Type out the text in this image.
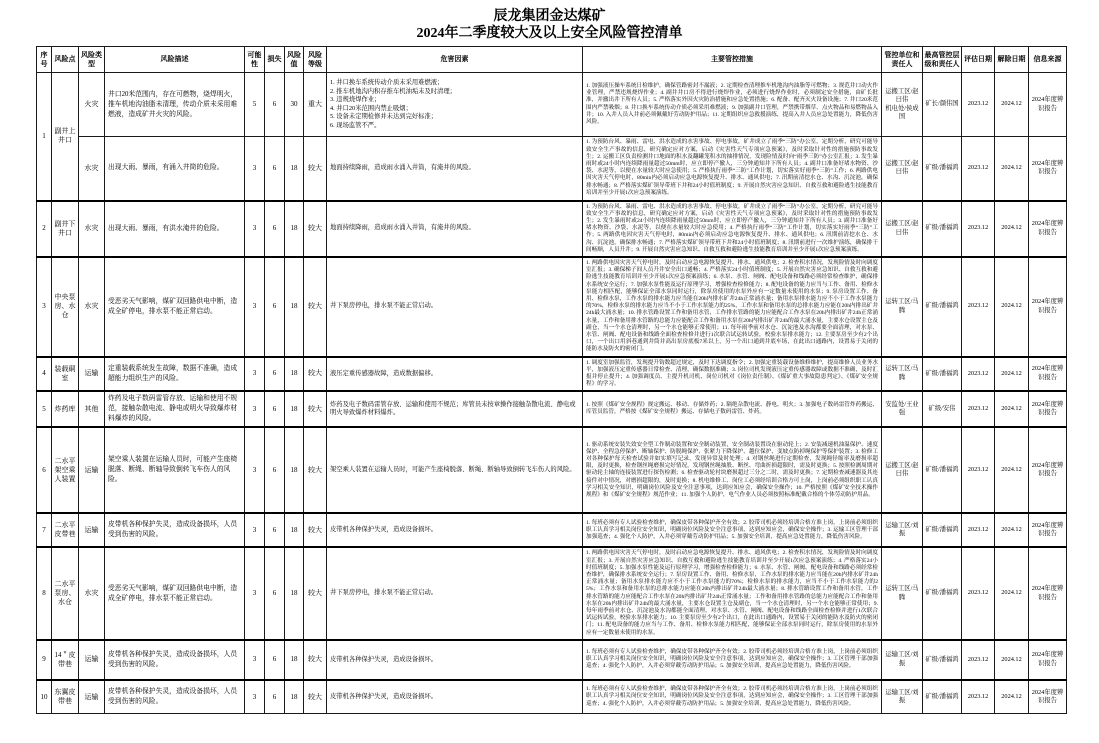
辰龙集团金达煤矿
2024年二季度较大及以上安全风险管控清单
序号	风险点	风险类型	风险描述	可能性	损失	风险值	风险等级	危害因素	主要管控措施	管控单位和责任人	最高管控层级和责任人	评估日期	解除日期	信息来源
1	副井上井口	火灾	井口20米范围内，存在可燃物，烧焊明火，推车机地沟油脂未清理，传动介质未采用难燃液，造成矿井火灾的风险。	5	6	30	重大	1. 井口换车系统传动介质未采用难燃液；
2. 推车机地沟内积存推车机油垢未及时清理；
3. 违规烧焊作业；
4. 井口20米范围内禁止吸烟；
5. 设备未定期检修并未达到完好标准；
6. 现场监管不严。	1. 加强液压操车系统日检维护，确保管路密封不漏液；2. 定期检查清理推车机地沟内油脂等可燃物；3. 规范井口动火作业管理，严禁违规烧焊作业；4. 副井井口房不得进行烧焊作业，必须进行烧焊作业时，必须制定安全措施，由矿长批准，并撤出井下所有人员；5. 严格落实外因火灾防治措施和应急处置措施；6. 配备、配齐灭火设备设施；7. 井口20米范围内严禁吸烟；8. 井口换车系统传动介质必须采用难燃液；9. 加强副井口管理，严禁携带烟草、点火物品和易燃物品入井；10. 入井人员入井前必须佩戴好劳动防护用品；11. 定期组织应急救援演练，提高入井人员应急处置能力，降低伤害风险。	运搬工区/赵曰伟
机电处/侯成国	矿长/颜伟国	2023.12	2024.12	2024年度辨识报告
		水灾	出现大雨、暴雨，有涌入井筒的危险。	3	6	18	较大	地面持续降雨，造成雨水涌入井筒，有淹井的风险。	1. 为预防台风、暴雨、雷电、洪水造成的水害事故、停电事故，矿井成立了雨季“三防”办公室，定期分析，研究可能导致安全生产事故的信息，研究确定应对方案，启动《灾害性天气专项应急预案》，及时采取针对性的措施预防事故发生；2. 运搬工区负责检测井口地面的积水及翻罐笼积水的抽排情况，发现险情及时向“雨季三防”办公室汇报；3. 发生暴雨时或24小时内连续降雨量超过50mm时，应立即停产撤人，三分钟通知井下所有人员；4. 副井口准备好堵水物资、沙袋、水泥等，以便在水量较大时应急使用；5. 严格执行雨季“三防”工作计划，切实落实好雨季“三防”工作；6. 两路供电因灾害天气停电时，80min内必须启动应急电源恢复提升、排水、通风供电；7. 汛期前清挖水仓、水沟、沉淀池，确保排水畅通；8. 严格落实煤矿领导带班下井和24小时值班制度；9. 开展自然灾害应急知识、自救互救和避险逃生技能教育培训并至少开展1次应急预案演练。	运搬工区/赵曰伟	矿级/潘福鸿	2023.12	2024.12	2024年度辨识报告
2	副井下井口	水灾	出现大雨、暴雨，有洪水淹井的危险。	3	6	18	较大	地面持续降雨，造成雨水涌入井筒，有淹井的风险。	1. 为预防台风、暴雨、雷电、洪水造成的水害事故、停电事故，矿井成立了雨季“三防”办公室，定期分析，研究可能导致安全生产事故的信息，研究确定应对方案，启动《灾害性天气专项应急预案》，及时采取针对性的措施预防事故发生；2. 发生暴雨时或24小时内连续降雨量超过50mm时，应立即停产撤人，三分钟通知井下所有人员；3. 副井口准备好堵水物资、沙袋、水泥等，以便在水量较大时应急使用；4. 严格执行雨季“三防”工作计划，切实落实好雨季“三防”工作；5. 两路供电因灾害天气停电时，80min内必须启动应急电源恢复提升、排水、通风供电；6. 汛期前清挖水仓、水沟、沉淀池，确保排水畅通；7. 严格落实煤矿领导带班下井和24小时值班制度；8. 汛期前进行一次维护演练，确保排干间畅顺，人员升井；9. 开展自然灾害应急知识、自救互救和避险逃生技能教育培训并至少开展1次应急预案演练。	运搬工区/赵曰伟	矿级/潘福鸿	2023.12	2024.12	2024年度辨识报告
3	中央泵房、水仓	水灾	受恶劣天气影响，煤矿双回路供电中断，造成全矿停电，排水泵不能正常启动。	3	6	18	较大	井下泵房停电，排水泵不能正常启动。	1. 两路供电因灾害天气停电时，及时启动应急电源恢复提升、排水、通风供电；2. 检查积水情况，发现险情及时向调度室汇报；3. 确保梯子间人员升井安全出口通畅；4. 严格落实24小时值班制度；5. 开展自然灾害应急知识、自救互救和避险逃生技能教育培训并至少开展1次应急预案演练；6. 水泵、水管、闸阀、配电设备和线路必须经常检查维护，确保排水系统安全运行；7. 加强水泵性能及运行原理学习，增强检查检修能力；8. 配电设备的能力应当与工作、备用、检修水泵能力相匹配，能够保证全部水泵同时运行，除泵房使用的水泵外应有一定数量未使用的水泵；9. 泵房设置工作、备用、检修水泵，工作水泵的排水能力应当能在20h内排水矿井24h正常涌水量；备用水泵排水能力应不小于工作水泵能力的70%，检修水泵的排水能力应当不小于工作水泵能力的25%，工作水泵和备用水泵的总排水能力应能在20h内排出矿井24h最大涌水量；10. 排水管路设置工作和备用水管，工作排水管路的能力应能配合工作水泵在20h内排出矿井24h正常涌水量，工作和备用排水管路的总能力应能配合工作和备用水泵在20h内排出矿井24h的最大涌水量，主要水仓设置主仓及副仓，当一个水仓清理时，另一个水仓能够正常使用；11. 每年雨季前对水仓、沉淀池及水沟都要全面清理，对水泵、水管、闸阀、配电设备和线路全面检查检修并进行1次联合试运转试验，校验水泵排水能力；12. 主要泵房至少有2个出口，一个出口用斜巷通到井筒并高出泵房底板7米以上，另一个出口通到井底车场，在此出口通路内，设置易于关闭的能防水及防火的密闭门。	运转工区/马腾	矿级/潘福鸿	2023.12	2024.12	2024年度辨识报告
4	装载硐室	运输	定重装载系统发生故障，数据不准确，造成超能力组织生产的风险。	3	6	18	较大	液压定重传感器故障，造成数据偏移。	1. 调度室加强监管，发现提升钩数超过规定，及时下达调度指令；2. 加强定重装载设备维修维护，提高维修人员业务水平，加强液压定重传感器日常检查、清理，确保数据准确；3. 岗位司机发现液压定重传感器故障或数据不准确，及时汇报并停止提升；4. 加强调度员、主提升机司机、岗位司机对《岗位责任制》、《煤矿重大事故隐患判定》、《煤矿安全规程》的学习。	运转工区/马腾	矿级/潘福鸿	2023.12	2024.12	2024年度辨识报告
5	炸药库	其他	炸药及电子数码雷管存放、运输和使用不规范，接触杂散电流、静电或明火导致爆炸材料爆炸的风险。	3	6	18	较大	炸药及电子数码雷管存放、运输和使用不规范；库管员未按章操作接触杂散电流、静电或明火导致爆炸材料爆炸。	1. 按照《煤矿安全规程》规定搬运、移动、存储炸药；2. 隔绝杂散电流、静电、明火；3. 加强电子数码雷管炸药搬运、库管员监管，严格按《煤矿安全规程》搬运、存储电子数码雷管、炸药。	安监处/王业强	矿级/安伟	2023.12	2024.12	2024年度辨识报告
6	二水平架空乘人装置	运输	架空乘人装置在运输人员时，可能产生座椅脱落、断绳、断轴导致倒转飞车伤人的风险。	3	6	18	较大	架空乘人装置在运输人员时，可能产生座椅脱落、断绳、断轴导致倒转飞车伤人的风险。	1. 驱动系统安装失效安全型工作制动装置和安全制动装置，安全制动装置设在驱动轮上；2. 安装减速机油温保护、速度保护、全程急停保护、断轴保护、防脱绳保护、张紧力下降保护、越位保护、变坡点防掉绳保护等保护装置；3. 检修工对各种保护每天检查试验并如实填写记录，发现异常及时处理；4. 对钢丝绳进行定期检查，发现绳径缩率及磨损率超限，及时更换，检查钢丝绳磨损完好情况，发现钢丝绳抽股、断丝、弯曲折损超限时，需及时更换；5. 按照检测周期对驱动轮主轴的连接装置进行探伤检测；6. 检查驱动轮衬块磨损超过三分之二时，需及时更换；7. 定期检查减速器及其连接件对中情况，对磨损超限的，及时更换；8. 机电维修工、岗位工必须经培训合格方可上岗，上岗前必须组织职工认真学习相关安全知识，明确岗位风险及安全注意事项，达到应知应会，确保安全操作；10. 严格按照《煤矿安全技术操作规程》和《煤矿安全规程》规范作业；11. 加强个人防护，电气作业人员必须按照标准配戴合格的个体劳动防护用品。	运搬工区/赵曰伟	矿级/潘福鸿	2023.12	2024.12	2024年度辨识报告
7	二水平皮带巷	运输	皮带机各种保护失灵，造成设备损坏，人员受到伤害的风险。	3	6	18	较大	皮带机各种保护失灵，造成设备损坏。	1. 每班必须有专人试验检查维护，确保皮带各种保护齐全有效；2. 胶带司机必须经培训合格方准上岗，上岗前必须组织职工认真学习相关岗位安全知识，明确岗位风险及安全注意事项，达到应知应会，确保安全操作；3. 运输工区管理干部加强巡查；4. 强化个人防护，入井必须穿戴劳动防护用品；5. 加强安全培训，提高应急处置能力，降低伤害风险。	运输工区/刘振	矿级/潘福鸿	2023.12	2024.12	2024年度辨识报告
8	二水平泵房、水仓	水灾	受恶劣天气影响，煤矿双回路供电中断，造成全矿停电，排水泵不能正常启动。	3	6	18	较大	井下泵房停电，排水泵不能正常启动。	1. 两路供电因灾害天气停电时，及时启动应急电源恢复提升、排水、通风供电；2. 检查积水情况，发现险情及时向调度室汇报；3. 开展自然灾害应急知识、自救互救和避险逃生技能教育培训并至少开展1次应急预案演练；4. 严格落实24小时值班制度；5. 加强水泵性能及运行原理学习，增强检查检修能力；6. 水泵、水管、闸阀、配电设备和线路必须经常检查维护，确保排水系统安全运行；7. 泵房设置工作、备用、检修水泵，工作水泵的排水能力应当能在20h内排水矿井24h正常涌水量；备用水泵排水能力应不小于工作水泵能力的70%；检修水泵的排水能力，应当不小于工作水泵能力的25%；工作水泵和备用水泵的总排水能力应能在20h内排出矿井24h最大涌水量；8. 排水管路设置工作和备用水管，工作排水管路的能力应能配合工作水泵在20h内排出矿井24h正常涌水量；工作和备用排水管路的总能力应能配合工作和备用水泵在20h内排出矿井24h的最大涌水量，主要水仓设置主仓及副仓，当一个水仓清理时，另一个水仓能够正常使用；9. 每年雨季前对水仓、沉淀池及水沟都能全面清理，对水泵、水管、闸阀、配电设备和线路全面检查检修并进行1次联合试运转试验，校验水泵排水能力；10. 主要泵房至少有2个出口，在此出口通路内，设置易于关闭的能防水及防火的密闭门；11. 配电设备的能力应当与工作、备用、检修水泵能力相匹配，能够保证全部水泵同时运行，除泵房使用的水泵外应有一定数量未使用的水泵。	运转工区/马腾	矿级/潘福鸿	2023.12	2024.12	2024年度辨识报告
9	14＂皮带巷	运输	皮带机各种保护失灵，造成设备损坏，人员受到伤害的风险。	3	6	18	较大	皮带机各种保护失灵，造成设备损坏。	1. 每班必须有专人试验检查维护，确保皮带各种保护齐全有效；2. 胶带司机必须经培训合格方准上岗，上岗前必须组织职工认真学习相关岗位安全知识，明确岗位风险及安全注意事项，达到应知应会，确保安全操作；3. 工区管理干部加强巡查；4. 强化个人防护，入井必须穿戴劳动防护用品；5. 加强安全培训，提高应急处置能力，降低伤害风险。	运输工区/刘振	矿级/潘福鸿	2023.12	2024.12	2024年度辨识报告
10	东翼皮带巷	运输	皮带机各种保护失灵，造成设备损坏，人员受到伤害的风险。	3	6	18	较大	皮带机各种保护失灵，造成设备损坏。	1. 每班必须有专人试验检查维护，确保皮带各种保护齐全有效；2. 胶带司机必须经培训合格方准上岗，上岗前必须组织职工认真学习相关岗位安全知识，明确岗位风险及安全注意事项，达到应知应会，确保安全操作；3. 工区管理干部加强巡查；4. 强化个人防护，入井必须穿戴劳动防护用品；5. 加强安全培训，提高应急处置能力，降低伤害风险。	运输工区/刘振	矿级/潘福鸿	2023.12	2024.12	2024年度辨识报告
